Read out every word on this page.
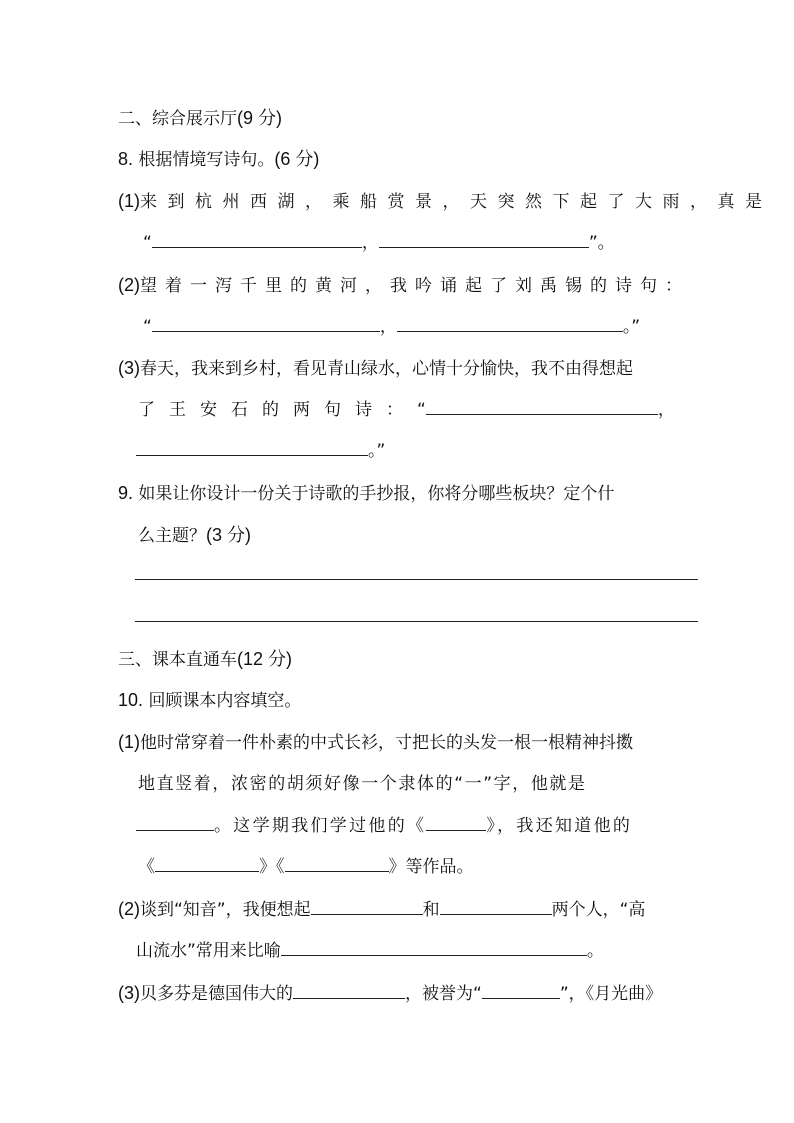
二、综合展示厅(9 分)
8. 根据情境写诗句。(6 分)
(1)来到杭州西湖，乘船赏景，天突然下起了大雨，真是
“	，	”。
(2)望着一泻千里的黄河，我吟诵起了刘禹锡的诗句：
“	，	。”
(3)春天，我来到乡村，看见青山绿水，心情十分愉快，我不由得想起
了王安石的两句诗：“	，
。”
9. 如果让你设计一份关于诗歌的手抄报，你将分哪些板块？定个什
么主题？(3 分)
三、课本直通车(12 分)
10. 回顾课本内容填空。
(1)他时常穿着一件朴素的中式长衫，寸把长的头发一根一根精神抖擞
地直竖着，浓密的胡须好像一个隶体的“一”字，他就是
。这学期我们学过他的《	》，我还知道他的
《	》《	》等作品。
(2)谈到“知音”，我便想起	和	两个人，“高
山流水”常用来比喻	。
(3)贝多芬是德国伟大的	，被誉为“	”，《月光曲》
